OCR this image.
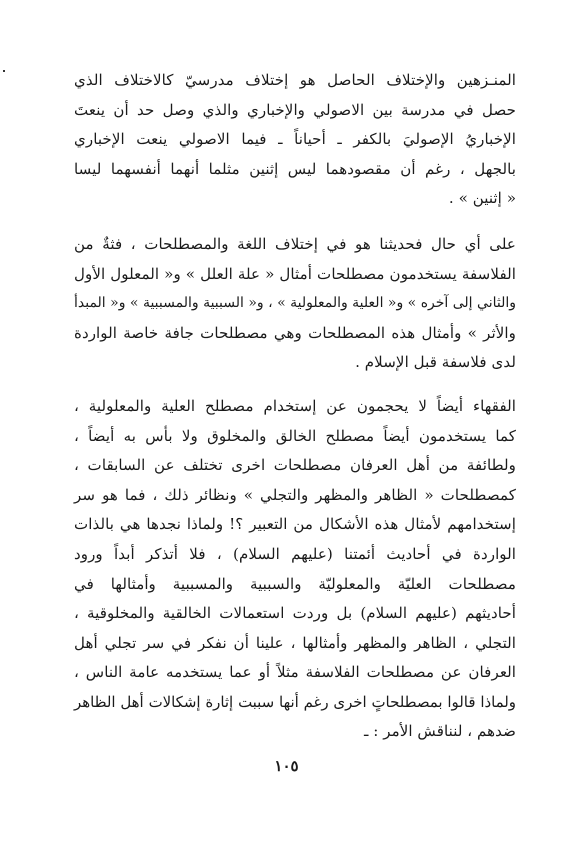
المنـزهين والإختلاف الحاصل هو إختلاف مدرسيّ كالاختلاف الذي
حصل في مدرسة بين الاصولي والإخباري والذي وصل حد أن ينعتَ
الإخباريُ الإصوليَ بالكفر ـ أحياناً ـ فيما الاصولي ينعت الإخباري
بالجهل ، رغم أن مقصودهما ليس إثنين مثلما أنهما أنفسهما ليسا
« إثنين » .
على أي حال فحديثنا هو في إختلاف اللغة والمصطلحات ، فثةٌ من
الفلاسفة يستخدمون مصطلحات أمثال « علة العلل » و« المعلول الأول
والثاني إلى آخره » و« العلية والمعلولية » ، و« السببية والمسببية » و« المبدأ
والأثر » وأمثال هذه المصطلحات وهي مصطلحات جافة خاصة الواردة
لدى فلاسفة قبل الإسلام .
الفقهاء أيضاً لا يحجمون عن إستخدام مصطلح العلية والمعلولية ،
كما يستخدمون أيضاً مصطلح الخالق والمخلوق ولا بأس به أيضاً ،
ولطائفة من أهل العرفان مصطلحات اخرى تختلف عن السابقات ،
كمصطلحات « الظاهر والمظهر والتجلي » ونظائر ذلك ، فما هو سر
إستخدامهم لأمثال هذه الأشكال من التعبير ؟! ولماذا نجدها هي بالذات
الواردة في أحاديث أئمتنا (عليهم السلام) ، فلا أتذكر أبداً ورود
مصطلحات العليّة والمعلوليّة والسببية والمسببية وأمثالها في
أحاديثهم (عليهم السلام) بل وردت استعمالات الخالقية والمخلوقية ،
التجلي ، الظاهر والمظهر وأمثالها ، علينا أن نفكر في سر تجلي أهل
العرفان عن مصطلحات الفلاسفة مثلاً أو عما يستخدمه عامة الناس ،
ولماذا قالوا بمصطلحاتٍ اخرى رغم أنها سببت إثارة إشكالات أهل الظاهر
ضدهم ، لنناقش الأمر : ـ
١٠٥
